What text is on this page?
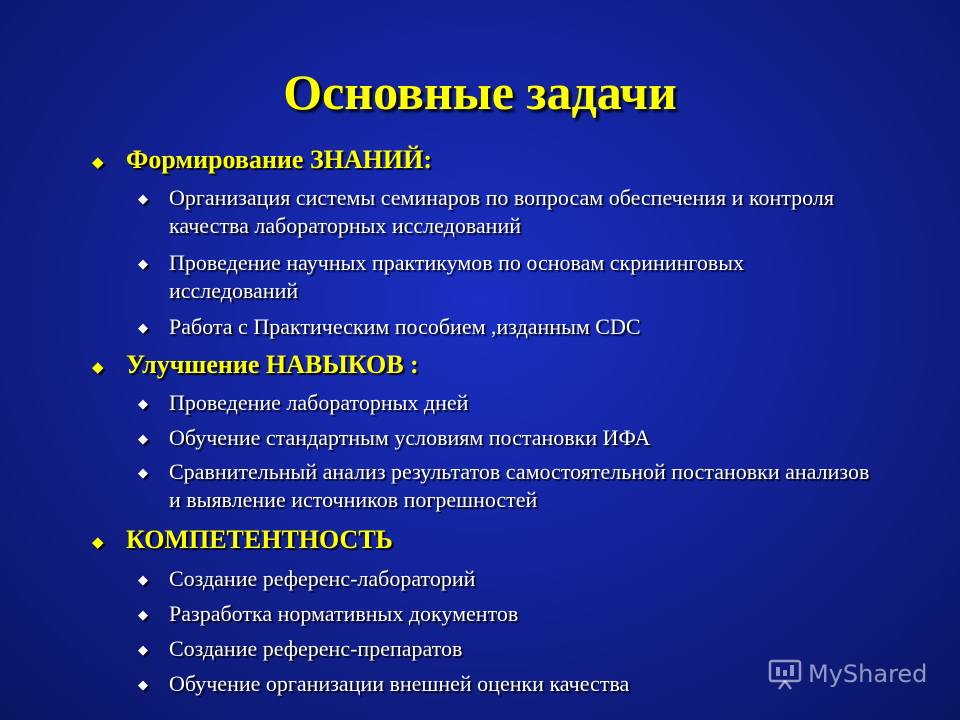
Основные задачи
◆ Формирование ЗНАНИЙ:
◆ Организация системы семинаров по вопросам обеспечения и контроля качества лабораторных исследований
◆ Проведение научных практикумов по основам скрининговых исследований
◆ Работа с Практическим пособием ,изданным CDC
◆ Улучшение НАВЫКОВ :
◆ Проведение лабораторных дней
◆ Обучение стандартным условиям постановки ИФА
◆ Сравнительный анализ результатов самостоятельной постановки анализов и выявление источников погрешностей
◆ КОМПЕТЕНТНОСТЬ
◆ Создание референс-лабораторий
◆ Разработка нормативных документов
◆ Создание референс-препаратов
◆ Обучение организации внешней оценки качества	MyShared
